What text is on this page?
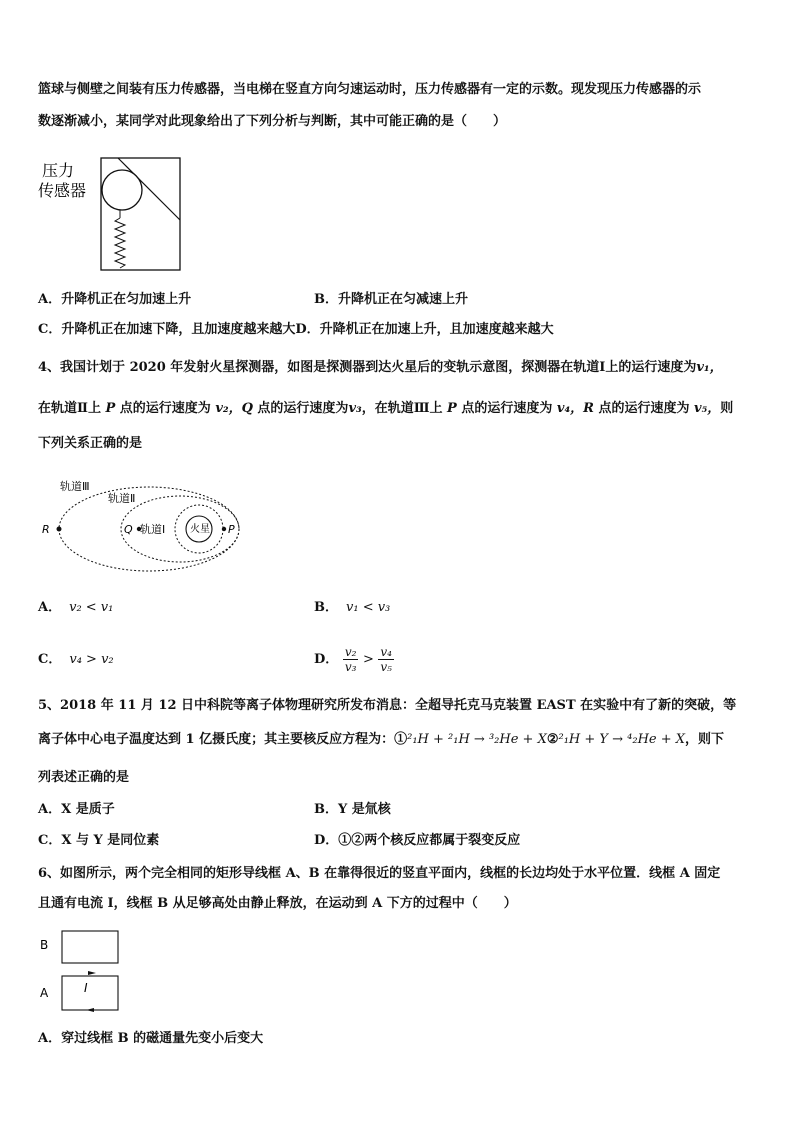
篮球与侧壁之间装有压力传感器，当电梯在竖直方向匀速运动时，压力传感器有一定的示数。现发现压力传感器的示
数逐渐减小，某同学对此现象给出了下列分析与判断，其中可能正确的是（　　）
压力
传感器
A．升降机正在匀加速上升	B．升降机正在匀减速上升
C．升降机正在加速下降，且加速度越来越大D．升降机正在加速上升，且加速度越来越大
4、我国计划于 2020 年发射火星探测器，如图是探测器到达火星后的变轨示意图，探测器在轨道Ⅰ上的运行速度为v₁，
在轨道Ⅱ上 P 点的运行速度为 v₂，Q 点的运行速度为v₃，在轨道Ⅲ上 P 点的运行速度为 v₄，R 点的运行速度为 v₅，则
下列关系正确的是
轨道Ⅲ
轨道Ⅱ
轨道Ⅰ 火星
R	Q	P
A． v₂ < v₁	B． v₁ < v₃
C． v₄ > v₂	D． $\frac{\text{v₂}}{\text{v₃}} > \frac{\text{v₄}}{\text{v₅}}$
5、2018 年 11 月 12 日中科院等离子体物理研究所发布消息：全超导托克马克装置 EAST 在实验中有了新的突破，等
离子体中心电子温度达到 1 亿摄氏度；其主要核反应方程为：①²₁H + ²₁H → ³₂He + X②²₁H + Y → ⁴₂He + X，则下
列表述正确的是
A．X 是质子	B．Y 是氚核
C．X 与 Y 是同位素	D．①②两个核反应都属于裂变反应
6、如图所示，两个完全相同的矩形导线框 A、B 在靠得很近的竖直平面内，线框的长边均处于水平位置．线框 A 固定
且通有电流 I，线框 B 从足够高处由静止释放，在运动到 A 下方的过程中（　　）
B
A	I
A．穿过线框 B 的磁通量先变小后变大
